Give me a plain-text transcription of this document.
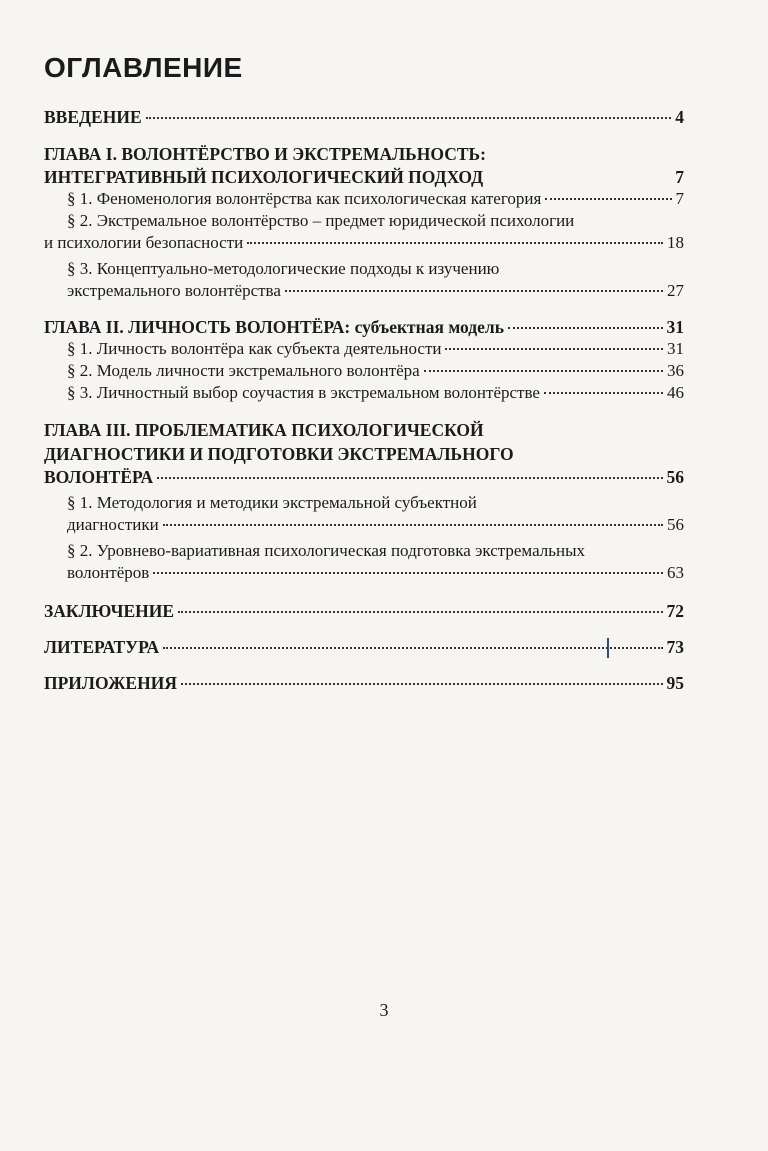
ОГЛАВЛЕНИЕ
ВВЕДЕНИЕ	4
ГЛАВА I. ВОЛОНТЁРСТВО И ЭКСТРЕМАЛЬНОСТЬ:
ИНТЕГРАТИВНЫЙ ПСИХОЛОГИЧЕСКИЙ ПОДХОД	7
§ 1. Феноменология волонтёрства как психологическая категория	7
§ 2. Экстремальное волонтёрство – предмет юридической психологии
и психологии безопасности	18
§ 3. Концептуально-методологические подходы к изучению
экстремального волонтёрства	27
ГЛАВА II. ЛИЧНОСТЬ ВОЛОНТЁРА: субъектная модель	31
§ 1. Личность волонтёра как субъекта деятельности	31
§ 2. Модель личности экстремального волонтёра	36
§ 3. Личностный выбор соучастия в экстремальном волонтёрстве	46
ГЛАВА III. ПРОБЛЕМАТИКА ПСИХОЛОГИЧЕСКОЙ
ДИАГНОСТИКИ И ПОДГОТОВКИ ЭКСТРЕМАЛЬНОГО
ВОЛОНТЁРА	56
§ 1. Методология и методики экстремальной субъектной
диагностики	56
§ 2. Уровнево-вариативная психологическая подготовка экстремальных
волонтёров	63
ЗАКЛЮЧЕНИЕ	72
ЛИТЕРАТУРА	73
ПРИЛОЖЕНИЯ	95
3
